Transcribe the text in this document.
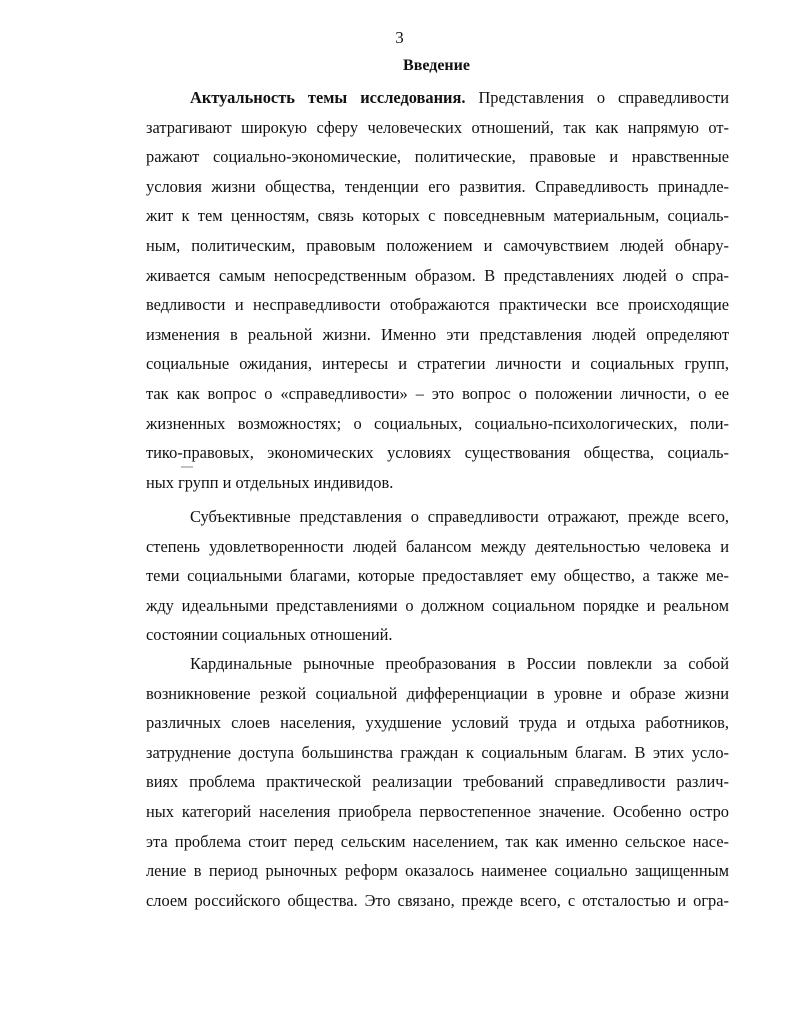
3
Введение
Актуальность темы исследования. Представления о справедливости
затрагивают широкую сферу человеческих отношений, так как напрямую от-
ражают социально-экономические, политические, правовые и нравственные
условия жизни общества, тенденции его развития. Справедливость принадле-
жит к тем ценностям, связь которых с повседневным материальным, социаль-
ным, политическим, правовым положением и самочувствием людей обнару-
живается самым непосредственным образом. В представлениях людей о спра-
ведливости и несправедливости отображаются практически все происходящие
изменения в реальной жизни. Именно эти представления людей определяют
социальные ожидания, интересы и стратегии личности и социальных групп,
так как вопрос о «справедливости» – это вопрос о положении личности, о ее
жизненных возможностях; о социальных, социально-психологических, поли-
тико-правовых, экономических условиях существования общества, социаль-
ных групп и отдельных индивидов.
Субъективные представления о справедливости отражают, прежде всего,
степень удовлетворенности людей балансом между деятельностью человека и
теми социальными благами, которые предоставляет ему общество, а также ме-
жду идеальными представлениями о должном социальном порядке и реальном
состоянии социальных отношений.
Кардинальные рыночные преобразования в России повлекли за собой
возникновение резкой социальной дифференциации в уровне и образе жизни
различных слоев населения, ухудшение условий труда и отдыха работников,
затруднение доступа большинства граждан к социальным благам. В этих усло-
виях проблема практической реализации требований справедливости различ-
ных категорий населения приобрела первостепенное значение. Особенно остро
эта проблема стоит перед сельским населением, так как именно сельское насе-
ление в период рыночных реформ оказалось наименее социально защищенным
слоем российского общества. Это связано, прежде всего, с отсталостью и огра-
